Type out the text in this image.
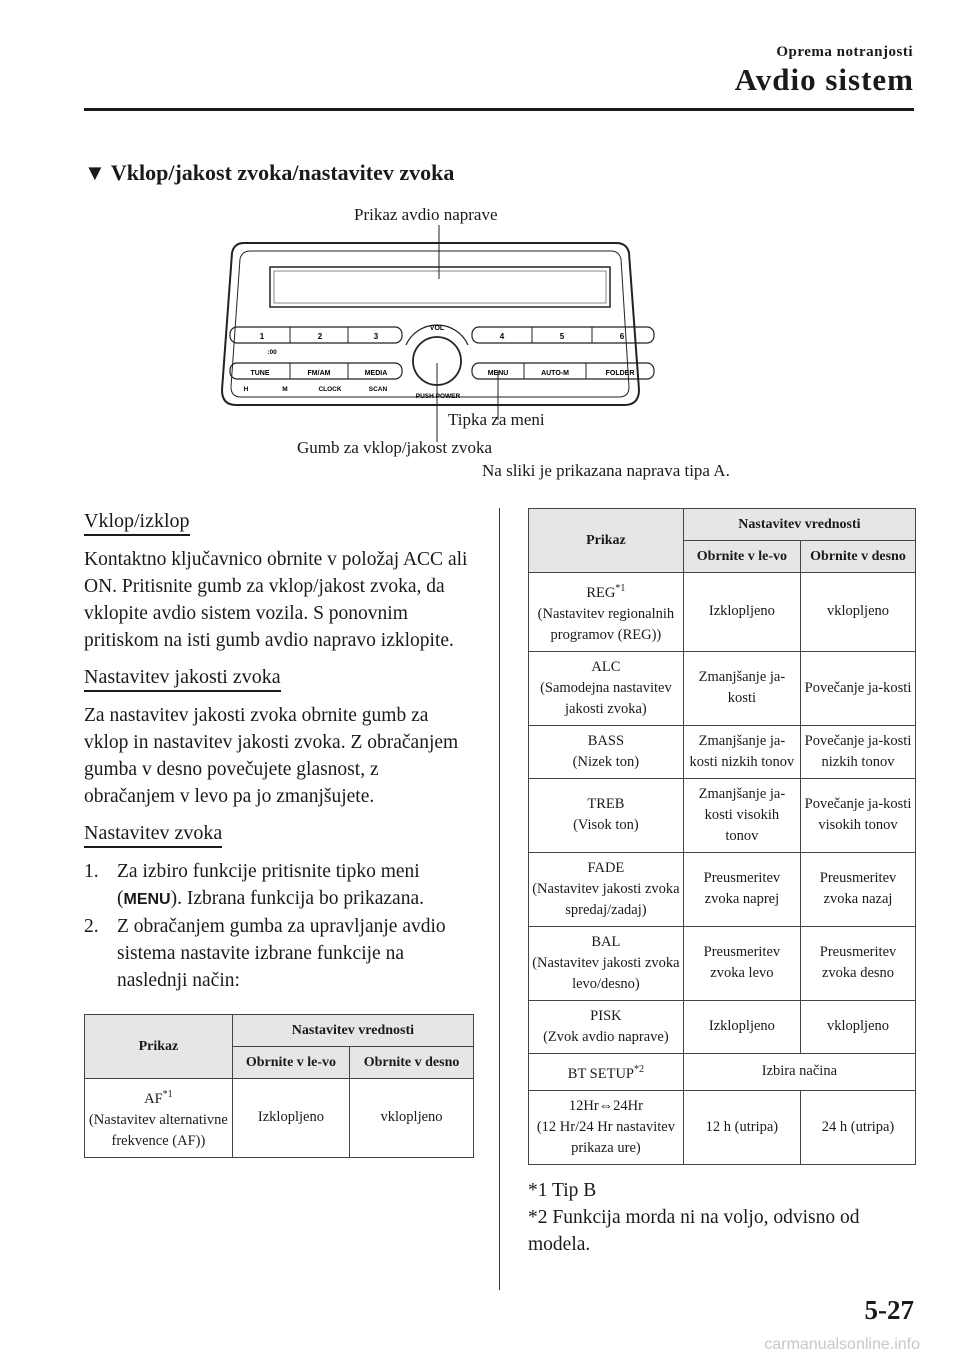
Oprema notranjosti
Avdio sistem
▼ Vklop/jakost zvoka/nastavitev zvoka
1	2	3	4	5	6
:00
TUNE	FM/AM	MEDIA	MENU	AUTO-M	FOLDER
H	M	CLOCK	SCAN
VOL
PUSH POWER
Prikaz avdio naprave
Tipka za meni
Gumb za vklop/jakost zvoka
Na sliki je prikazana naprava tipa A.
Vklop/izklop

Kontaktno ključavnico obrnite v položaj ACC ali ON. Pritisnite gumb za vklop/jakost zvoka, da vklopite avdio sistem vozila. S ponovnim pritiskom na isti gumb avdio napravo izklopite.

Nastavitev jakosti zvoka

Za nastavitev jakosti zvoka obrnite gumb za vklop in nastavitev jakosti zvoka. Z obračanjem gumba v desno povečujete glasnost, z obračanjem v levo pa jo zmanjšujete.

Nastavitev zvoka
1. Za izbiro funkcije pritisnite tipko meni (MENU). Izbrana funkcija bo prikazana.
2. Z obračanjem gumba za upravljanje avdio sistema nastavite izbrane funkcije na naslednji način:
Prikaz	Nastavitev vrednosti	
	Obrnite v le-vo	Obrnite v desno
AF$^{*1}$
(Nastavitev alternativne frekvence (AF))	Izklopljeno	vklopljeno
Prikaz	Nastavitev vrednosti	
	Obrnite v le-vo	Obrnite v desno
REG$^{*1}$
(Nastavitev regionalnih programov (REG))	Izklopljeno	vklopljeno
ALC
(Samodejna nastavitev jakosti zvoka)	Zmanjšanje ja-kosti	Povečanje ja-kosti
BASS
(Nizek ton)	Zmanjšanje ja-kosti nizkih tonov	Povečanje ja-kosti nizkih tonov
TREB
(Visok ton)	Zmanjšanje ja-kosti visokih tonov	Povečanje ja-kosti visokih tonov
FADE
(Nastavitev jakosti zvoka spredaj/zadaj)	Preusmeritev zvoka naprej	Preusmeritev zvoka nazaj
BAL
(Nastavitev jakosti zvoka levo/desno)	Preusmeritev zvoka levo	Preusmeritev zvoka desno
PISK
(Zvok avdio naprave)	Izklopljeno	vklopljeno
BT SETUP$^{*2}$	Izbira načina	
12Hr⇔24Hr
(12 Hr/24 Hr nastavitev prikaza ure)	12 h (utripa)	24 h (utripa)

*1 Tip B

*2 Funkcija morda ni na voljo, odvisno od modela.

5-27
carmanualsonline.info
